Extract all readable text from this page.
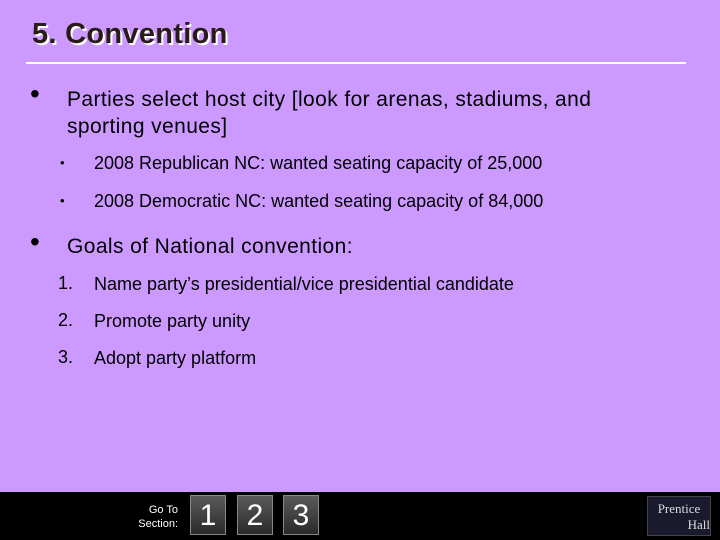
5. Convention
• Parties select host city [look for arenas, stadiums, and
sporting venues]
• 2008 Republican NC: wanted seating capacity of 25,000
• 2008 Democratic NC: wanted seating capacity of 84,000
• Goals of National convention:
1. Name party’s presidential/vice presidential candidate
2. Promote party unity
3. Adopt party platform
Go To
Section: 1	2 3	Prentice
Hall
